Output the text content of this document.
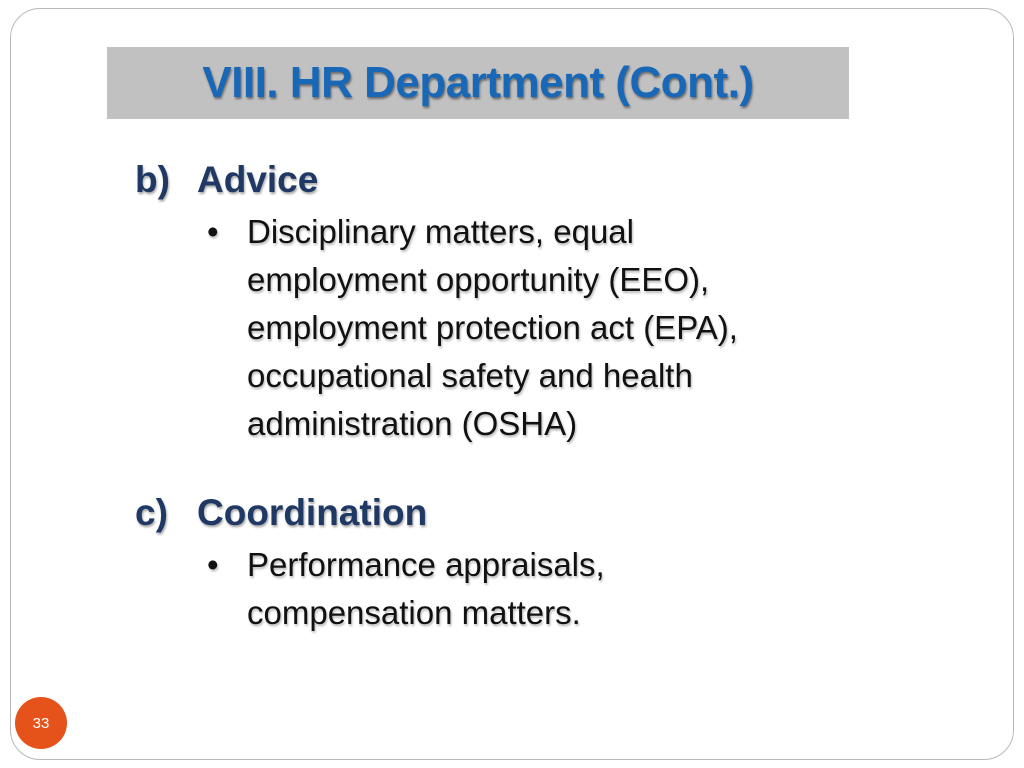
VIII. HR Department (Cont.)
b) Advice
• Disciplinary matters, equal
employment opportunity (EEO),
employment protection act (EPA),
occupational safety and health
administration (OSHA)
c) Coordination
• Performance appraisals,
compensation matters.
33
